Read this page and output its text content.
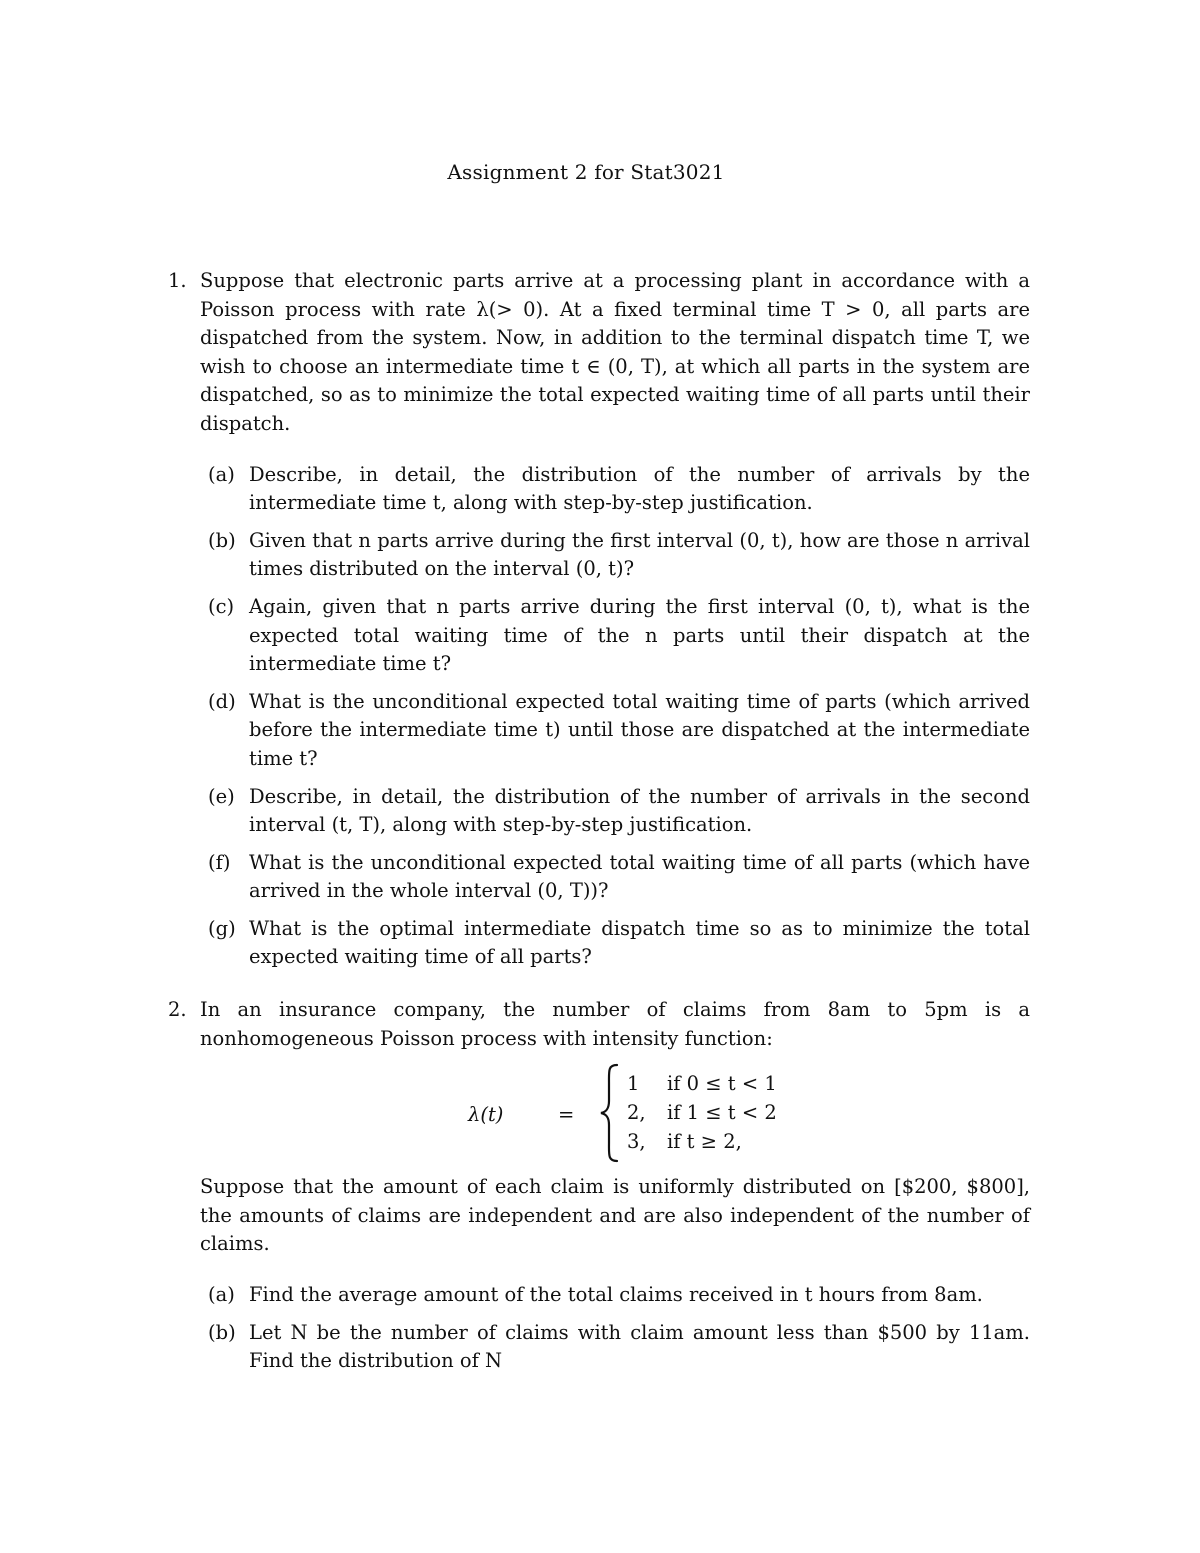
Assignment 2 for Stat3021
1. Suppose that electronic parts arrive at a processing plant in accordance with a Poisson process with rate λ(> 0). At a fixed terminal time T > 0, all parts are dispatched from the system. Now, in addition to the terminal dispatch time T, we wish to choose an intermediate time t ∈ (0, T), at which all parts in the system are dispatched, so as to minimize the total expected waiting time of all parts until their dispatch.
(a) Describe, in detail, the distribution of the number of arrivals by the intermediate time t, along with step-by-step justification.
(b) Given that n parts arrive during the first interval (0, t), how are those n arrival times distributed on the interval (0, t)?
(c) Again, given that n parts arrive during the first interval (0, t), what is the expected total waiting time of the n parts until their dispatch at the intermediate time t?
(d) What is the unconditional expected total waiting time of parts (which arrived before the intermediate time t) until those are dispatched at the intermediate time t?
(e) Describe, in detail, the distribution of the number of arrivals in the second interval (t, T), along with step-by-step justification.
(f) What is the unconditional expected total waiting time of all parts (which have arrived in the whole interval (0, T))?
(g) What is the optimal intermediate dispatch time so as to minimize the total expected waiting time of all parts?
2. In an insurance company, the number of claims from 8am to 5pm is a nonhomogeneous Poisson process with intensity function:
λ(t)	=
1 if 0 ≤ t < 1
2, if 1 ≤ t < 2
3, if t ≥ 2,
Suppose that the amount of each claim is uniformly distributed on [$200, $800], the amounts of claims are independent and are also independent of the number of claims.
(a) Find the average amount of the total claims received in t hours from 8am.
(b) Let N be the number of claims with claim amount less than $500 by 11am. Find the distribution of N
